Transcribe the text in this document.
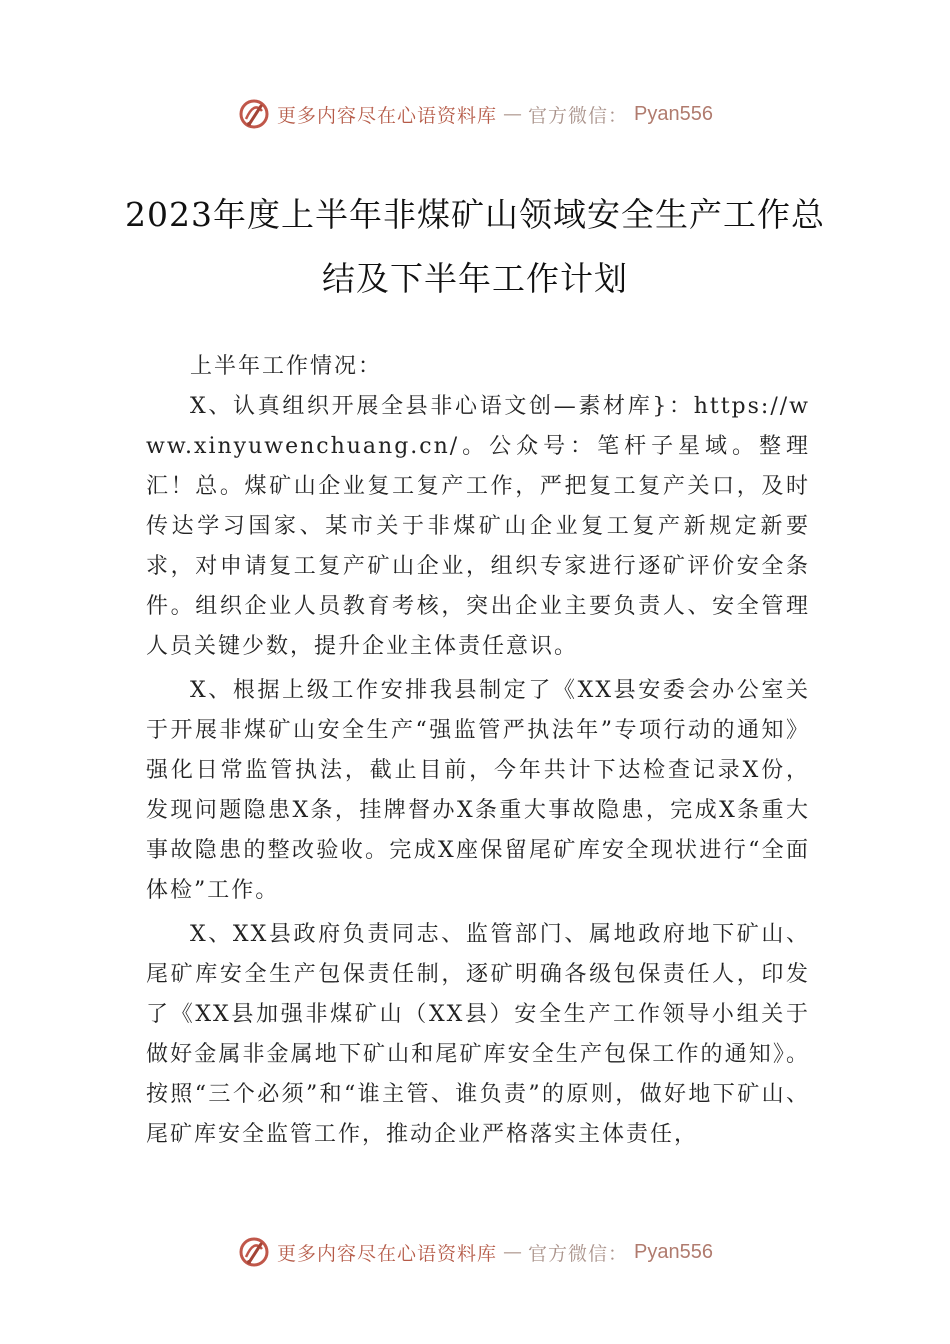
更多内容尽在心语资料库 — 官方微信： Pyan556
2023年度上半年非煤矿山领域安全生产工作总结及下半年工作计划

上半年工作情况：

X、认真组织开展全县非心语文创—素材库}：https://www.xinyuwenchuang.cn/。公众号：笔杆子星域。整理汇！总。煤矿山企业复工复产工作，严把复工复产关口，及时传达学习国家、某市关于非煤矿山企业复工复产新规定新要求，对申请复工复产矿山企业，组织专家进行逐矿评价安全条件。组织企业人员教育考核，突出企业主要负责人、安全管理人员关键少数，提升企业主体责任意识。

X、根据上级工作安排我县制定了《XX县安委会办公室关于开展非煤矿山安全生产“强监管严执法年”专项行动的通知》强化日常监管执法，截止目前，今年共计下达检查记录X份，发现问题隐患X条，挂牌督办X条重大事故隐患，完成X条重大事故隐患的整改验收。完成X座保留尾矿库安全现状进行“全面体检”工作。

X、XX县政府负责同志、监管部门、属地政府地下矿山、尾矿库安全生产包保责任制，逐矿明确各级包保责任人，印发了《XX县加强非煤矿山（XX县）安全生产工作领导小组关于做好金属非金属地下矿山和尾矿库安全生产包保工作的通知》。按照“三个必须”和“谁主管、谁负责”的原则，做好地下矿山、尾矿库安全监管工作，推动企业严格落实主体责任，

更多内容尽在心语资料库 — 官方微信： Pyan556
